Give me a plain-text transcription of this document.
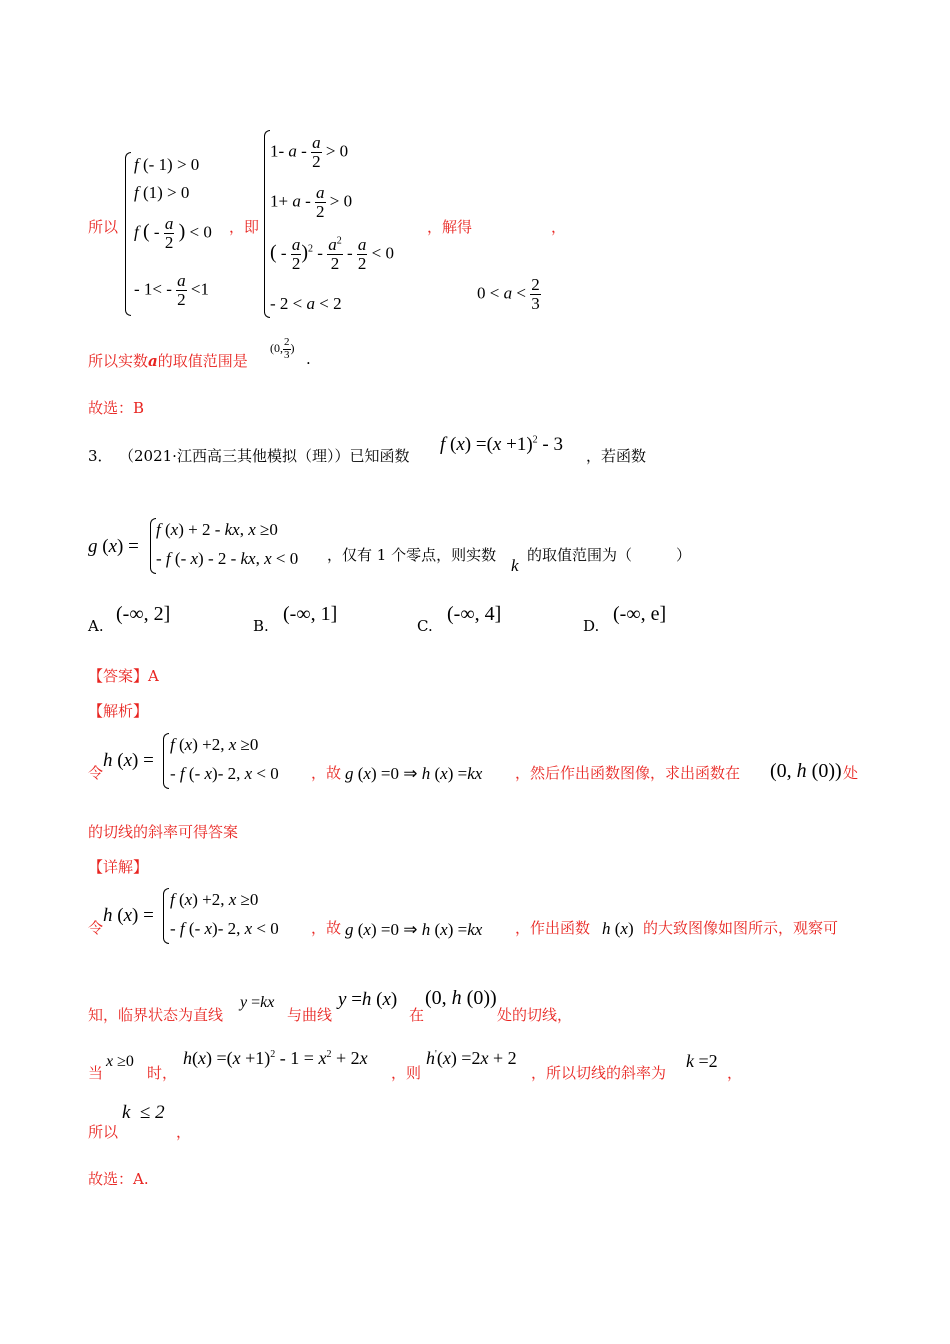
所以
f (- 1) > 0
f (1) > 0
f ( - $\frac{a}{2}$ ) < 0
- $1< - \frac{a}{2} <1$
，即
1- $a - \frac{a}{2} > 0$
$1+ a - \frac{a}{2} > 0$
( - $\frac{a}{2} )^2 - \frac{a^2}{2} - \frac{a}{2} < 0$
- 2 < a < 2
，解得	，
$0 < a < \frac{2}{3}$
所以实数a的取值范围是
(0, $\frac{2}{3}$ )
.
故选：B
3． （2021·江西高三其他模拟（理））已知函数
f $(x) =(x +1)^2 - 3$
，若函数
g (x) =
f (x) + 2 - kx, x ≥0
- f (- x) - 2 - kx, x < 0 ，仅有 1 个零点，则实数
k
的取值范围为（	）
A.
(-∞, 2]
B.
(-∞, 1]
C.
(-∞, 4]
D.
(-∞, e]
【答案】A
【解析】
令
h (x) =
f (x) +2, x ≥0
- f (- x)- 2, x < 0 ，故 g (x) =0 ⇒ h (x) =kx ，然后作出函数图像，求出函数在 (0, h (0)) 处
的切线的斜率可得答案
【详解】
令
h (x) =
f (x) +2, x ≥0
- f (- x)- 2, x < 0 ，故 g (x) =0 ⇒ h (x) =kx ，作出函数 h (x) 的大致图像如图所示，观察可
知，临界状态为直线
y =kx
与曲线
y =h (x)
在
(0, h (0))
处的切线，
当
x ≥0
时，
$h(x) =(x +1)^2 - 1 = x^2 + 2x$
，则
h'(x) =2x + 2
，所以切线的斜率为
k =2
，
所以
k  ≤ 2
，
故选：A.
